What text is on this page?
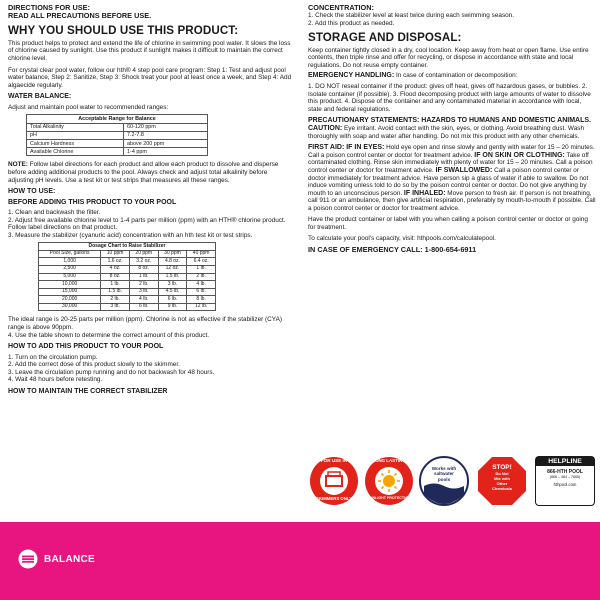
DIRECTIONS FOR USE:

READ ALL PRECAUTIONS BEFORE USE.

WHY YOU SHOULD USE THIS PRODUCT:

This product helps to protect and extend the life of chlorine in swimming pool water. It slows the loss of chlorine caused by sunlight. Use this product if sunlight makes it difficult to maintain the correct chlorine level.

For crystal clear pool water, follow our hth® 4 step pool care program: Step 1: Test and adjust pool water balance, Step 2: Sanitize, Step 3: Shock treat your pool at least once a week, and Step 4: Add algaecide regularly.

WATER BALANCE:

Adjust and maintain pool water to recommended ranges:

Acceptable Range for Balance	
Total Alkalinity	60-120 ppm
pH	7.2-7.8
Calcium Hardness	above 200 ppm
Available Chlorine	1-4 ppm

NOTE: Follow label directions for each product and allow each product to dissolve and disperse before adding additional products to the pool. Always check and adjust total alkalinity before adjusting pH levels. Use a test kit or test strips that measures all these ranges.

HOW TO USE:

BEFORE ADDING THIS PRODUCT TO YOUR POOL

1. Clean and backwash the filter.

2. Adjust free available chlorine level to 1-4 parts per million (ppm) with an HTH® chlorine product. Follow label directions on that product.

3. Measure the stabilizer (cyanuric acid) concentration with an hth test kit or test strips.

Dosage Chart to Raise Stabilizer				
Pool Size, gallons	10 ppm	20 ppm	30 ppm	40 ppm
1,000	1.6 oz.	3.2 oz.	4.8 oz.	6.4 oz.
2,500	4 oz.	8 oz.	12 oz.	1 lb.
5,000	8 oz.	1 lb.	1.5 lb.	2 lb.
10,000	1 lb.	2 lb.	3 lb.	4 lb.
15,000	1.5 lb.	3 lb.	4.5 lb.	6 lb.
20,000	2 lb.	4 lb.	6 lb.	8 lb.
30,000	3 lb.	6 lb.	9 lb.	12 lb.

The ideal range is 20-25 parts per million (ppm). Chlorine is not as effective if the stabilizer (CYA) range is above 90ppm.

4. Use the table shown to determine the correct amount of this product.

HOW TO ADD THIS PRODUCT TO YOUR POOL

1. Turn on the circulation pump.

2. Add the correct dose of this product slowly to the skimmer.

3. Leave the circulation pump running and do not backwash for 48 hours.

4. Wait 48 hours before retesting.

HOW TO MAINTAIN THE CORRECT STABILIZER

CONCENTRATION:

1. Check the stabilizer level at least twice during each swimming season.

2. Add this product as needed.

STORAGE AND DISPOSAL:

Keep container tightly closed in a dry, cool location. Keep away from heat or open flame. Use entire contents, then triple rinse and offer for recycling, or dispose in accordance with state and local regulations. Do not reuse empty container.

EMERGENCY HANDLING: In case of contamination or decomposition:

1. DO NOT reseal container if the product: gives off heat, gives off hazardous gases, or bubbles. 2. Isolate container (if possible). 3. Flood decomposing product with large amounts of water to dissolve this product. 4. Dispose of the container and any contaminated material in accordance with local, state and federal regulations.

PRECAUTIONARY STATEMENTS: HAZARDS TO HUMANS AND DOMESTIC ANIMALS. CAUTION: Eye irritant. Avoid contact with the skin, eyes, or clothing. Avoid breathing dust. Wash thoroughly with soap and water after handling. Do not mix this product with any other chemicals.

FIRST AID: IF IN EYES: Hold eye open and rinse slowly and gently with water for 15 – 20 minutes. Call a poison control center or doctor for treatment advice. IF ON SKIN OR CLOTHING: Take off contaminated clothing. Rinse skin immediately with plenty of water for 15 – 20 minutes. Call a poison control center or doctor for treatment advice. IF SWALLOWED: Call a poison control center or doctor immediately for treatment advice. Have person sip a glass of water if able to swallow. Do not induce vomiting unless told to do so by the poison control center or doctor. Do not give anything by mouth to an unconscious person. IF INHALED: Move person to fresh air. If person is not breathing, call 911 or an ambulance, then give artificial respiration, preferably by mouth-to-mouth if possible. Call a poison control center or doctor for treatment advice.

Have the product container or label with you when calling a poison control center or doctor or going for treatment.

To calculate your pool's capacity, visit: hthpools.com/calculatepool.

IN CASE OF EMERGENCY CALL: 1-800-654-6911

FOR USE IN
SKIMMERS ONLY
LONG LASTING
SUNLIGHT PROTECTION
Works with
saltwater
pools
STOP!
Do Not
Mix with
Other
Chemicals
HELPLINE
866-HTH POOL
(866 – 484 – 7665)
hthpool.com
BALANCE
